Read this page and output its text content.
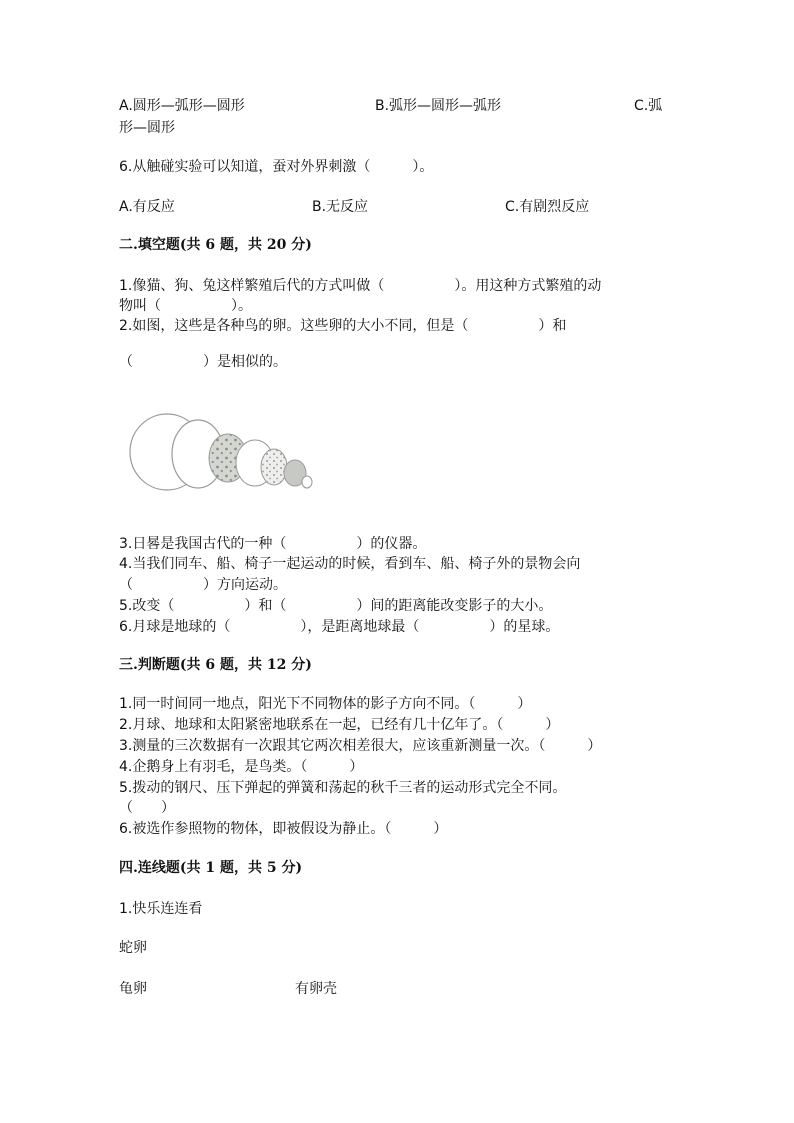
A.圆形—弧形—圆形	B.弧形—圆形—弧形	C.弧
形—圆形
6.从触碰实验可以知道，蚕对外界刺激（　　　）。
A.有反应	B.无反应	C.有剧烈反应
二.填空题(共 6 题，共 20 分)
1.像猫、狗、兔这样繁殖后代的方式叫做（　　　　　）。用这种方式繁殖的动
物叫（　　　　　）。
2.如图，这些是各种鸟的卵。这些卵的大小不同，但是（　　　　　）和
（　　　　　）是相似的。
3.日晷是我国古代的一种（　　　　　）的仪器。
4.当我们同车、船、椅子一起运动的时候，看到车、船、椅子外的景物会向
（　　　　　）方向运动。
5.改变（　　　　　）和（　　　　　）间的距离能改变影子的大小。
6.月球是地球的（　　　　　），是距离地球最（　　　　　）的星球。
三.判断题(共 6 题，共 12 分)
1.同一时间同一地点，阳光下不同物体的影子方向不同。（　　　）
2.月球、地球和太阳紧密地联系在一起，已经有几十亿年了。（　　　）
3.测量的三次数据有一次跟其它两次相差很大，应该重新测量一次。（　　　）
4.企鹅身上有羽毛，是鸟类。（　　　）
5.拨动的钢尺、压下弹起的弹簧和荡起的秋千三者的运动形式完全不同。
（　　）
6.被选作参照物的物体，即被假设为静止。（　　　）
四.连线题(共 1 题，共 5 分)
1.快乐连连看
蛇卵
龟卵	有卵壳
